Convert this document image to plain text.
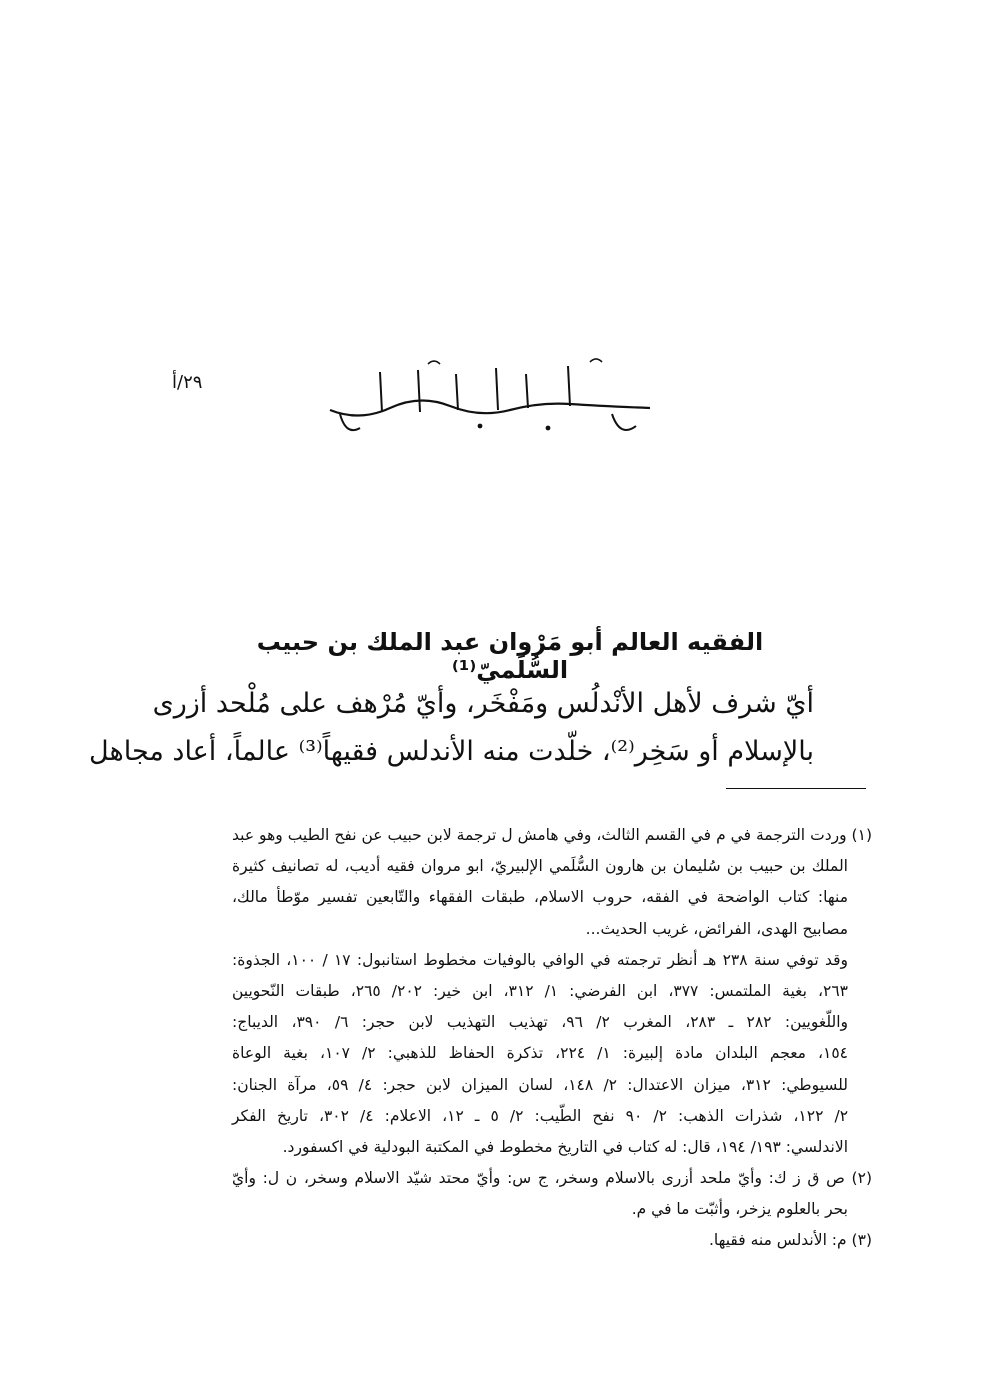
٢٩/أ
الفقيه العالم أبو مَرْوان عبد الملك بن حبيب السُّلَميّ⁽¹⁾

أيّ شرف لأهل الأنْدلُس ومَفْخَر، وأيّ مُرْهف على مُلْحد أزرى

بالإسلام أو سَخِر⁽²⁾، خلّدت منه الأندلس فقيهاً⁽³⁾ عالماً، أعاد مجاهل

(١) وردت الترجمة في م في القسم الثالث، وفي هامش ل ترجمة لابن حبيب عن نفح الطيب وهو عبد
الملك بن حبيب بن سُليمان بن هارون السُّلَمي الإلبيريّ، ابو مروان فقيه أديب، له تصانيف كثيرة
منها: كتاب الواضحة في الفقه، حروب الاسلام، طبقات الفقهاء والتّابعين تفسير موّطأ مالك،
مصابيح الهدى، الفرائض، غريب الحديث...
وقد توفي سنة ٢٣٨ هـ أنظر ترجمته في الوافي بالوفيات مخطوط استانبول: ١٧ / ١٠٠، الجذوة:
٢٦٣، بغية الملتمس: ٣٧٧، ابن الفرضي: ١/ ٣١٢، ابن خير: ٢٠٢/ ٢٦٥، طبقات النّحويين
واللّغويين: ٢٨٢ ـ ٢٨٣، المغرب ٢/ ٩٦، تهذيب التهذيب لابن حجر: ٦/ ٣٩٠، الديباج:
١٥٤، معجم البلدان مادة إلبيرة: ١/ ٢٢٤، تذكرة الحفاظ للذهبي: ٢/ ١٠٧، بغية الوعاة
للسيوطي: ٣١٢، ميزان الاعتدال: ٢/ ١٤٨، لسان الميزان لابن حجر: ٤/ ٥٩، مرآة الجنان:
٢/ ١٢٢، شذرات الذهب: ٢/ ٩٠ نفح الطّيب: ٢/ ٥ ـ ١٢، الاعلام: ٤/ ٣٠٢، تاريخ الفكر
الاندلسي: ١٩٣/ ١٩٤، قال: له كتاب في التاريخ مخطوط في المكتبة البودلية في اكسفورد.
(٢) ص ق ز ك: وأيّ ملحد أزرى بالاسلام وسخر، ج س: وأيّ محتد شيّد الاسلام وسخر، ن ل: وأيّ
بحر بالعلوم يزخر، وأثبّت ما في م.
(٣) م: الأندلس منه فقيها.
